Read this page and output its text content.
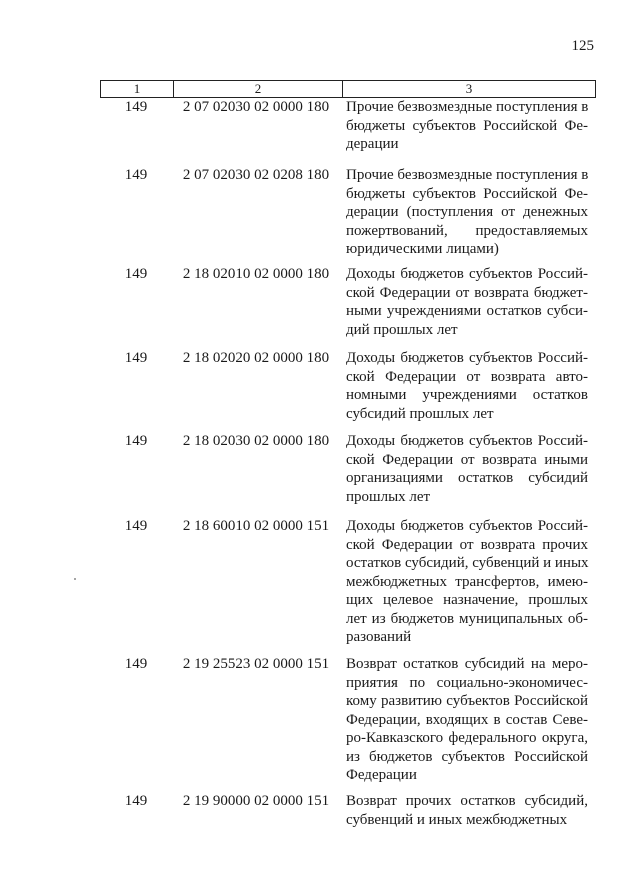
125
1	2	3
149	2 07 02030 02 0000 180	Прочие безвозмездные поступления в
бюджеты субъектов Российской Фе-
дерации
149	2 07 02030 02 0208 180	Прочие безвозмездные поступления в
бюджеты субъектов Российской Фе-
дерации (поступления от денежных
пожертвований, предоставляемых
юридическими лицами)
149	2 18 02010 02 0000 180	Доходы бюджетов субъектов Россий-
ской Федерации от возврата бюджет-
ными учреждениями остатков субси-
дий прошлых лет
149	2 18 02020 02 0000 180	Доходы бюджетов субъектов Россий-
ской Федерации от возврата авто-
номными учреждениями остатков
субсидий прошлых лет
149	2 18 02030 02 0000 180	Доходы бюджетов субъектов Россий-
ской Федерации от возврата иными
организациями остатков субсидий
прошлых лет
149	2 18 60010 02 0000 151	Доходы бюджетов субъектов Россий-
ской Федерации от возврата прочих
остатков субсидий, субвенций и иных
межбюджетных трансфертов, имею-
щих целевое назначение, прошлых
лет из бюджетов муниципальных об-
разований
149	2 19 25523 02 0000 151	Возврат остатков субсидий на меро-
приятия по социально-экономичес-
кому развитию субъектов Российской
Федерации, входящих в состав Севе-
ро-Кавказского федерального округа,
из бюджетов субъектов Российской
Федерации
149	2 19 90000 02 0000 151	Возврат прочих остатков субсидий,
субвенций и иных межбюджетных
